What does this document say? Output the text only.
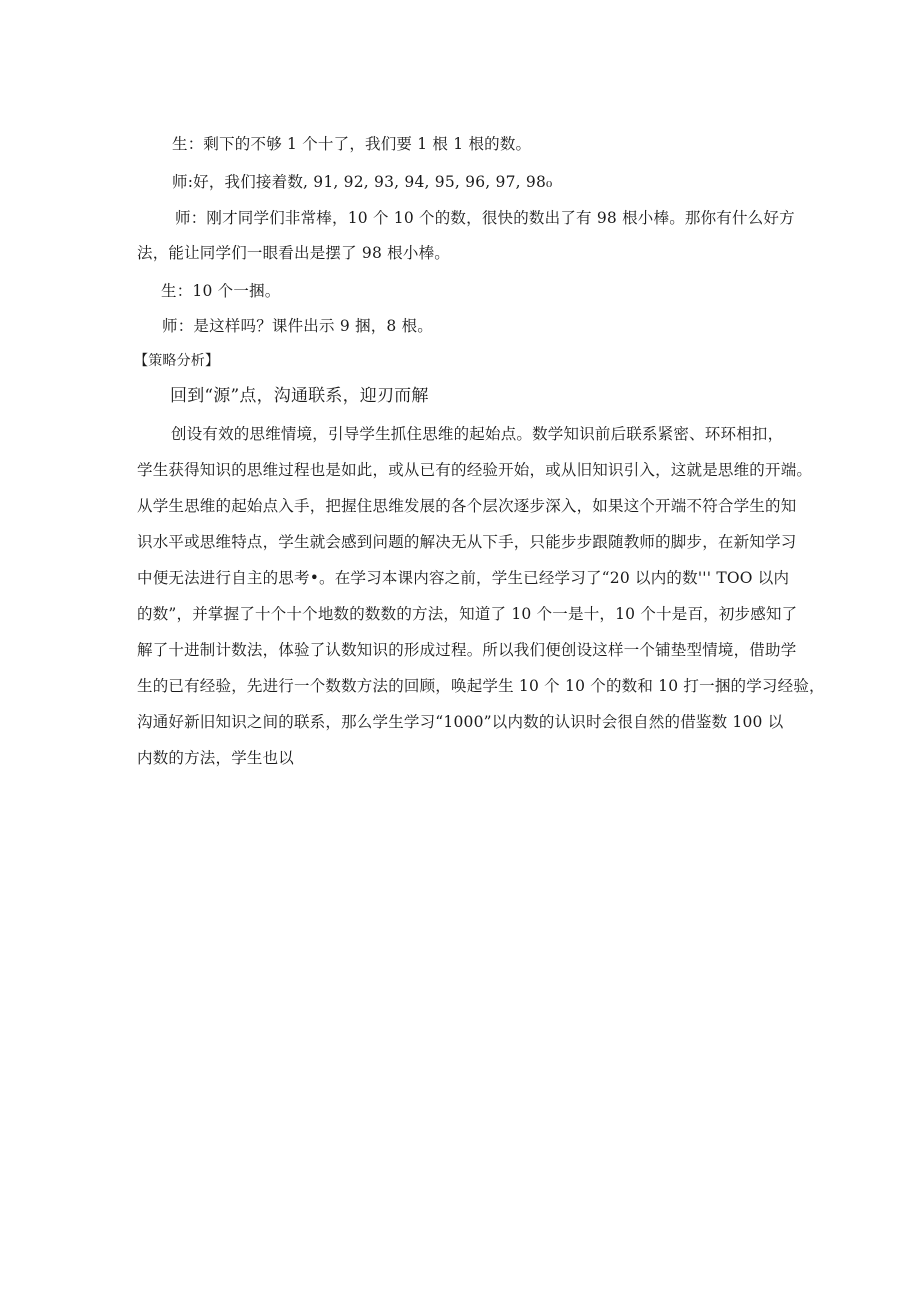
生：剩下的不够 1 个十了，我们要 1 根 1 根的数。
师:好，我们接着数, 91, 92, 93, 94, 95, 96, 97, 98₀
师：刚才同学们非常棒，10 个 10 个的数，很快的数出了有 98 根小棒。那你有什么好方
法，能让同学们一眼看出是摆了 98 根小棒。
生：10 个一捆。
师：是这样吗？课件出示 9 捆，8 根。
【策略分析】
回到“源”点，沟通联系，迎刃而解
创设有效的思维情境，引导学生抓住思维的起始点。数学知识前后联系紧密、环环相扣，
学生获得知识的思维过程也是如此，或从已有的经验开始，或从旧知识引入，这就是思维的开端。
从学生思维的起始点入手，把握住思维发展的各个层次逐步深入，如果这个开端不符合学生的知
识水平或思维特点，学生就会感到问题的解决无从下手，只能步步跟随教师的脚步，在新知学习
中便无法进行自主的思考•。在学习本课内容之前，学生已经学习了“20 以内的数''' TOO 以内
的数”，并掌握了十个十个地数的数数的方法，知道了 10 个一是十，10 个十是百，初步感知了
解了十进制计数法，体验了认数知识的形成过程。所以我们便创设这样一个铺垫型情境，借助学
生的已有经验，先进行一个数数方法的回顾，唤起学生 10 个 10 个的数和 10 打一捆的学习经验，
沟通好新旧知识之间的联系，那么学生学习“1000”以内数的认识时会很自然的借鉴数 100 以
内数的方法，学生也以
